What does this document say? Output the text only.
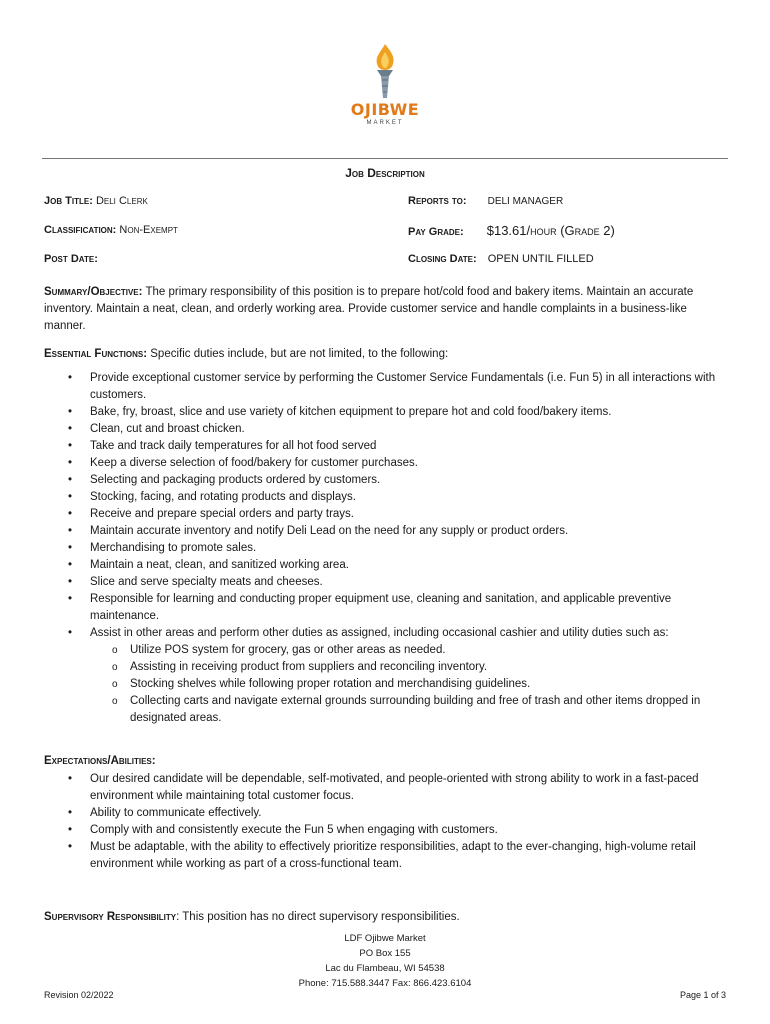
OJIBWE
MARKET
Job Description
Job Title: Deli Clerk	Reports to: DELI MANAGER
Classification: Non-Exempt	Pay Grade: $13.61/hour (Grade 2)
Post Date:	Closing Date: OPEN UNTIL FILLED
Summary/Objective: The primary responsibility of this position is to prepare hot/cold food and bakery items. Maintain an accurate inventory. Maintain a neat, clean, and orderly working area. Provide customer service and handle complaints in a business-like manner.
Essential Functions: Specific duties include, but are not limited, to the following:
• Provide exceptional customer service by performing the Customer Service Fundamentals (i.e. Fun 5) in all interactions with customers.
• Bake, fry, broast, slice and use variety of kitchen equipment to prepare hot and cold food/bakery items.
• Clean, cut and broast chicken.
• Take and track daily temperatures for all hot food served
• Keep a diverse selection of food/bakery for customer purchases.
• Selecting and packaging products ordered by customers.
• Stocking, facing, and rotating products and displays.
• Receive and prepare special orders and party trays.
• Maintain accurate inventory and notify Deli Lead on the need for any supply or product orders.
• Merchandising to promote sales.
• Maintain a neat, clean, and sanitized working area.
• Slice and serve specialty meats and cheeses.
• Responsible for learning and conducting proper equipment use, cleaning and sanitation, and applicable preventive maintenance.
• Assist in other areas and perform other duties as assigned, including occasional cashier and utility duties such as:
o Utilize POS system for grocery, gas or other areas as needed.
o Assisting in receiving product from suppliers and reconciling inventory.
o Stocking shelves while following proper rotation and merchandising guidelines.
o Collecting carts and navigate external grounds surrounding building and free of trash and other items dropped in designated areas.
Expectations/Abilities:
• Our desired candidate will be dependable, self-motivated, and people-oriented with strong ability to work in a fast-paced environment while maintaining total customer focus.
• Ability to communicate effectively.
• Comply with and consistently execute the Fun 5 when engaging with customers.
• Must be adaptable, with the ability to effectively prioritize responsibilities, adapt to the ever-changing, high-volume retail environment while working as part of a cross-functional team.
Supervisory Responsibility: This position has no direct supervisory responsibilities.
LDF Ojibwe Market
PO Box 155
Lac du Flambeau, WI 54538
Phone: 715.588.3447 Fax: 866.423.6104
Revision 02/2022	Page 1 of 3
